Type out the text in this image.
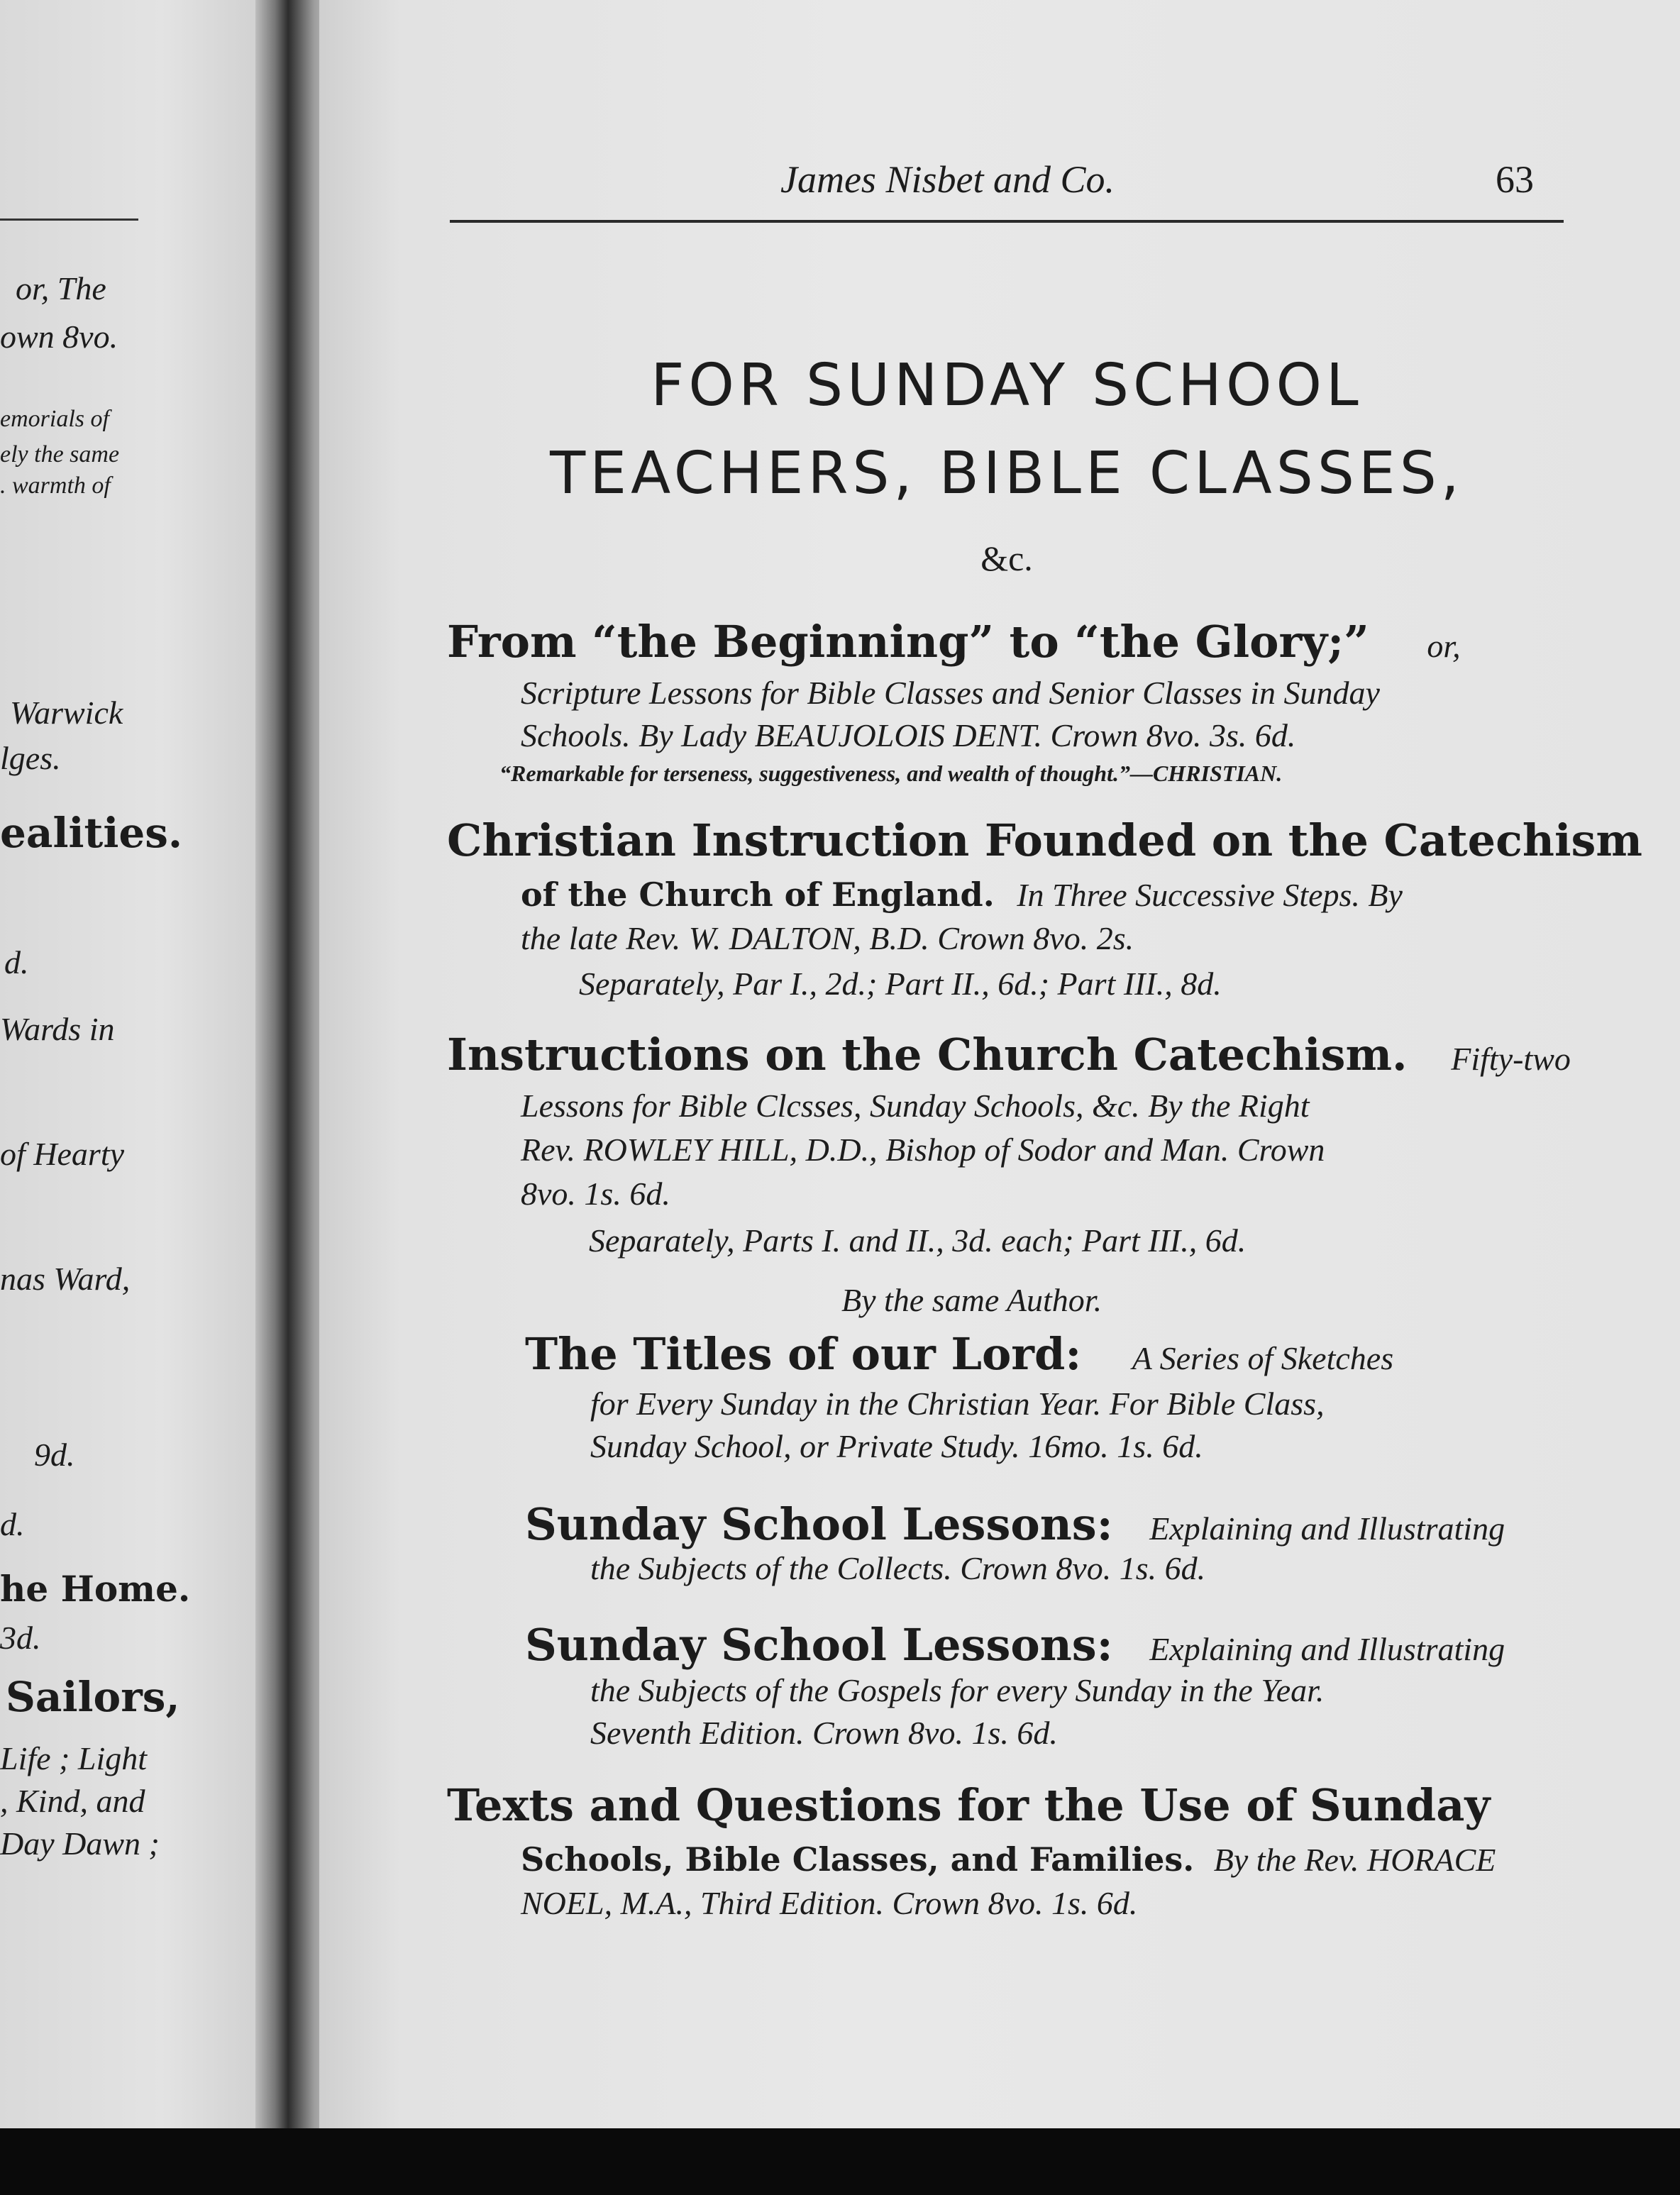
or, The
own 8vo.
emorials of
ely the same
. warmth of
Warwick
lges.
ealities.
d.
Wards in
of Hearty
nas Ward,
9d.
d.
he Home.
3d.
Sailors,
Life ; Light
, Kind, and
Day Dawn ;
James Nisbet and Co.	63
FOR SUNDAY SCHOOL
TEACHERS, BIBLE CLASSES,
&c.
From “the Beginning” to “the Glory;” or,
Scripture Lessons for Bible Classes and Senior Classes in Sunday
Schools. By Lady BEAUJOLOIS DENT. Crown 8vo. 3s. 6d.
“Remarkable for terseness, suggestiveness, and wealth of thought.”—CHRISTIAN.
Christian Instruction Founded on the Catechism
of the Church of England. In Three Successive Steps. By
the late Rev. W. DALTON, B.D. Crown 8vo. 2s.
Separately, Par I., 2d.; Part II., 6d.; Part III., 8d.
Instructions on the Church Catechism. Fifty-two
Lessons for Bible Clcsses, Sunday Schools, &c. By the Right
Rev. ROWLEY HILL, D.D., Bishop of Sodor and Man. Crown
8vo. 1s. 6d.
Separately, Parts I. and II., 3d. each; Part III., 6d.
By the same Author.
The Titles of our Lord: A Series of Sketches
for Every Sunday in the Christian Year. For Bible Class,
Sunday School, or Private Study. 16mo. 1s. 6d.
Sunday School Lessons: Explaining and Illustrating
the Subjects of the Collects. Crown 8vo. 1s. 6d.
Sunday School Lessons: Explaining and Illustrating
the Subjects of the Gospels for every Sunday in the Year.
Seventh Edition. Crown 8vo. 1s. 6d.
Texts and Questions for the Use of Sunday
Schools, Bible Classes, and Families. By the Rev. HORACE
NOEL, M.A., Third Edition. Crown 8vo. 1s. 6d.
